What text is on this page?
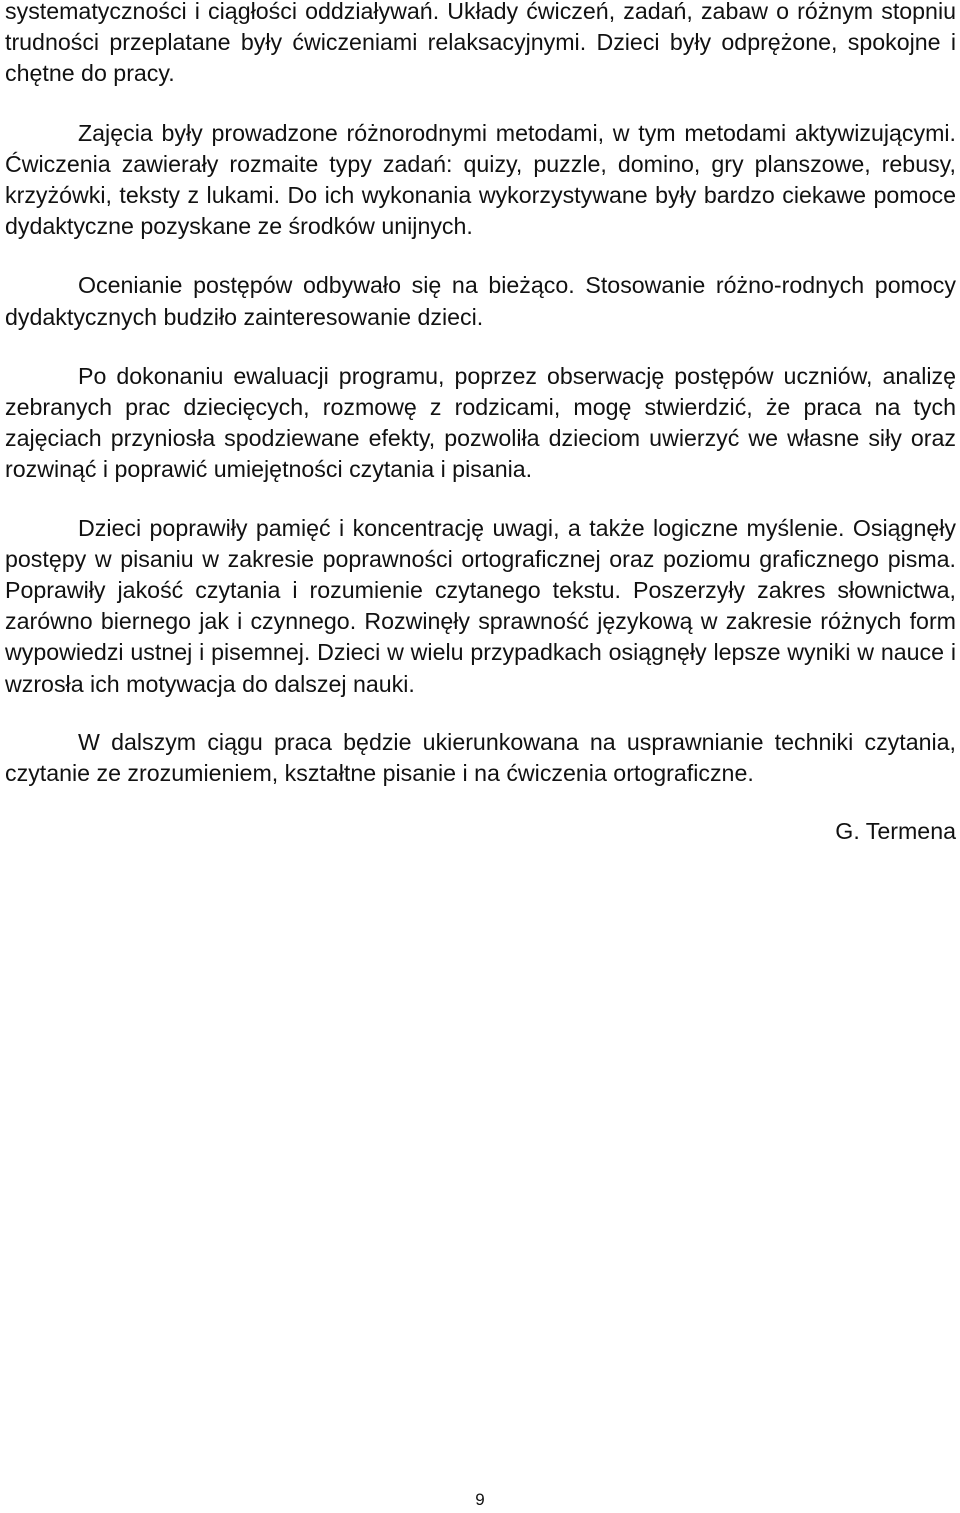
systematyczności i ciągłości oddziaływań. Układy ćwiczeń, zadań, zabaw o różnym stopniu trudności przeplatane były ćwiczeniami relaksacyjnymi. Dzieci były odprężone, spokojne i chętne do pracy.

Zajęcia były prowadzone różnorodnymi metodami, w tym metodami aktywizującymi. Ćwiczenia zawierały rozmaite typy zadań: quizy, puzzle, domino, gry planszowe, rebusy, krzyżówki, teksty z lukami. Do ich wykonania wykorzystywane były bardzo ciekawe pomoce dydaktyczne pozyskane ze środków unijnych.

Ocenianie postępów odbywało się na bieżąco. Stosowanie różno-rodnych pomocy dydaktycznych budziło zainteresowanie dzieci.

Po dokonaniu ewaluacji programu, poprzez obserwację postępów uczniów, analizę zebranych prac dziecięcych, rozmowę z rodzicami, mogę stwierdzić, że praca na tych zajęciach przyniosła spodziewane efekty, pozwoliła dzieciom uwierzyć we własne siły oraz rozwinąć i poprawić umiejętności czytania i pisania.

Dzieci poprawiły pamięć i koncentrację uwagi, a także logiczne myślenie. Osiągnęły postępy w pisaniu w zakresie poprawności ortograficznej oraz poziomu graficznego pisma. Poprawiły jakość czytania i rozumienie czytanego tekstu. Poszerzyły zakres słownictwa, zarówno biernego jak i czynnego. Rozwinęły sprawność językową w zakresie różnych form wypowiedzi ustnej i pisemnej. Dzieci w wielu przypadkach osiągnęły lepsze wyniki w nauce i wzrosła ich motywacja do dalszej nauki.

W dalszym ciągu praca będzie ukierunkowana na usprawnianie techniki czytania, czytanie ze zrozumieniem, kształtne pisanie i na ćwiczenia ortograficzne.

G. Termena

9
